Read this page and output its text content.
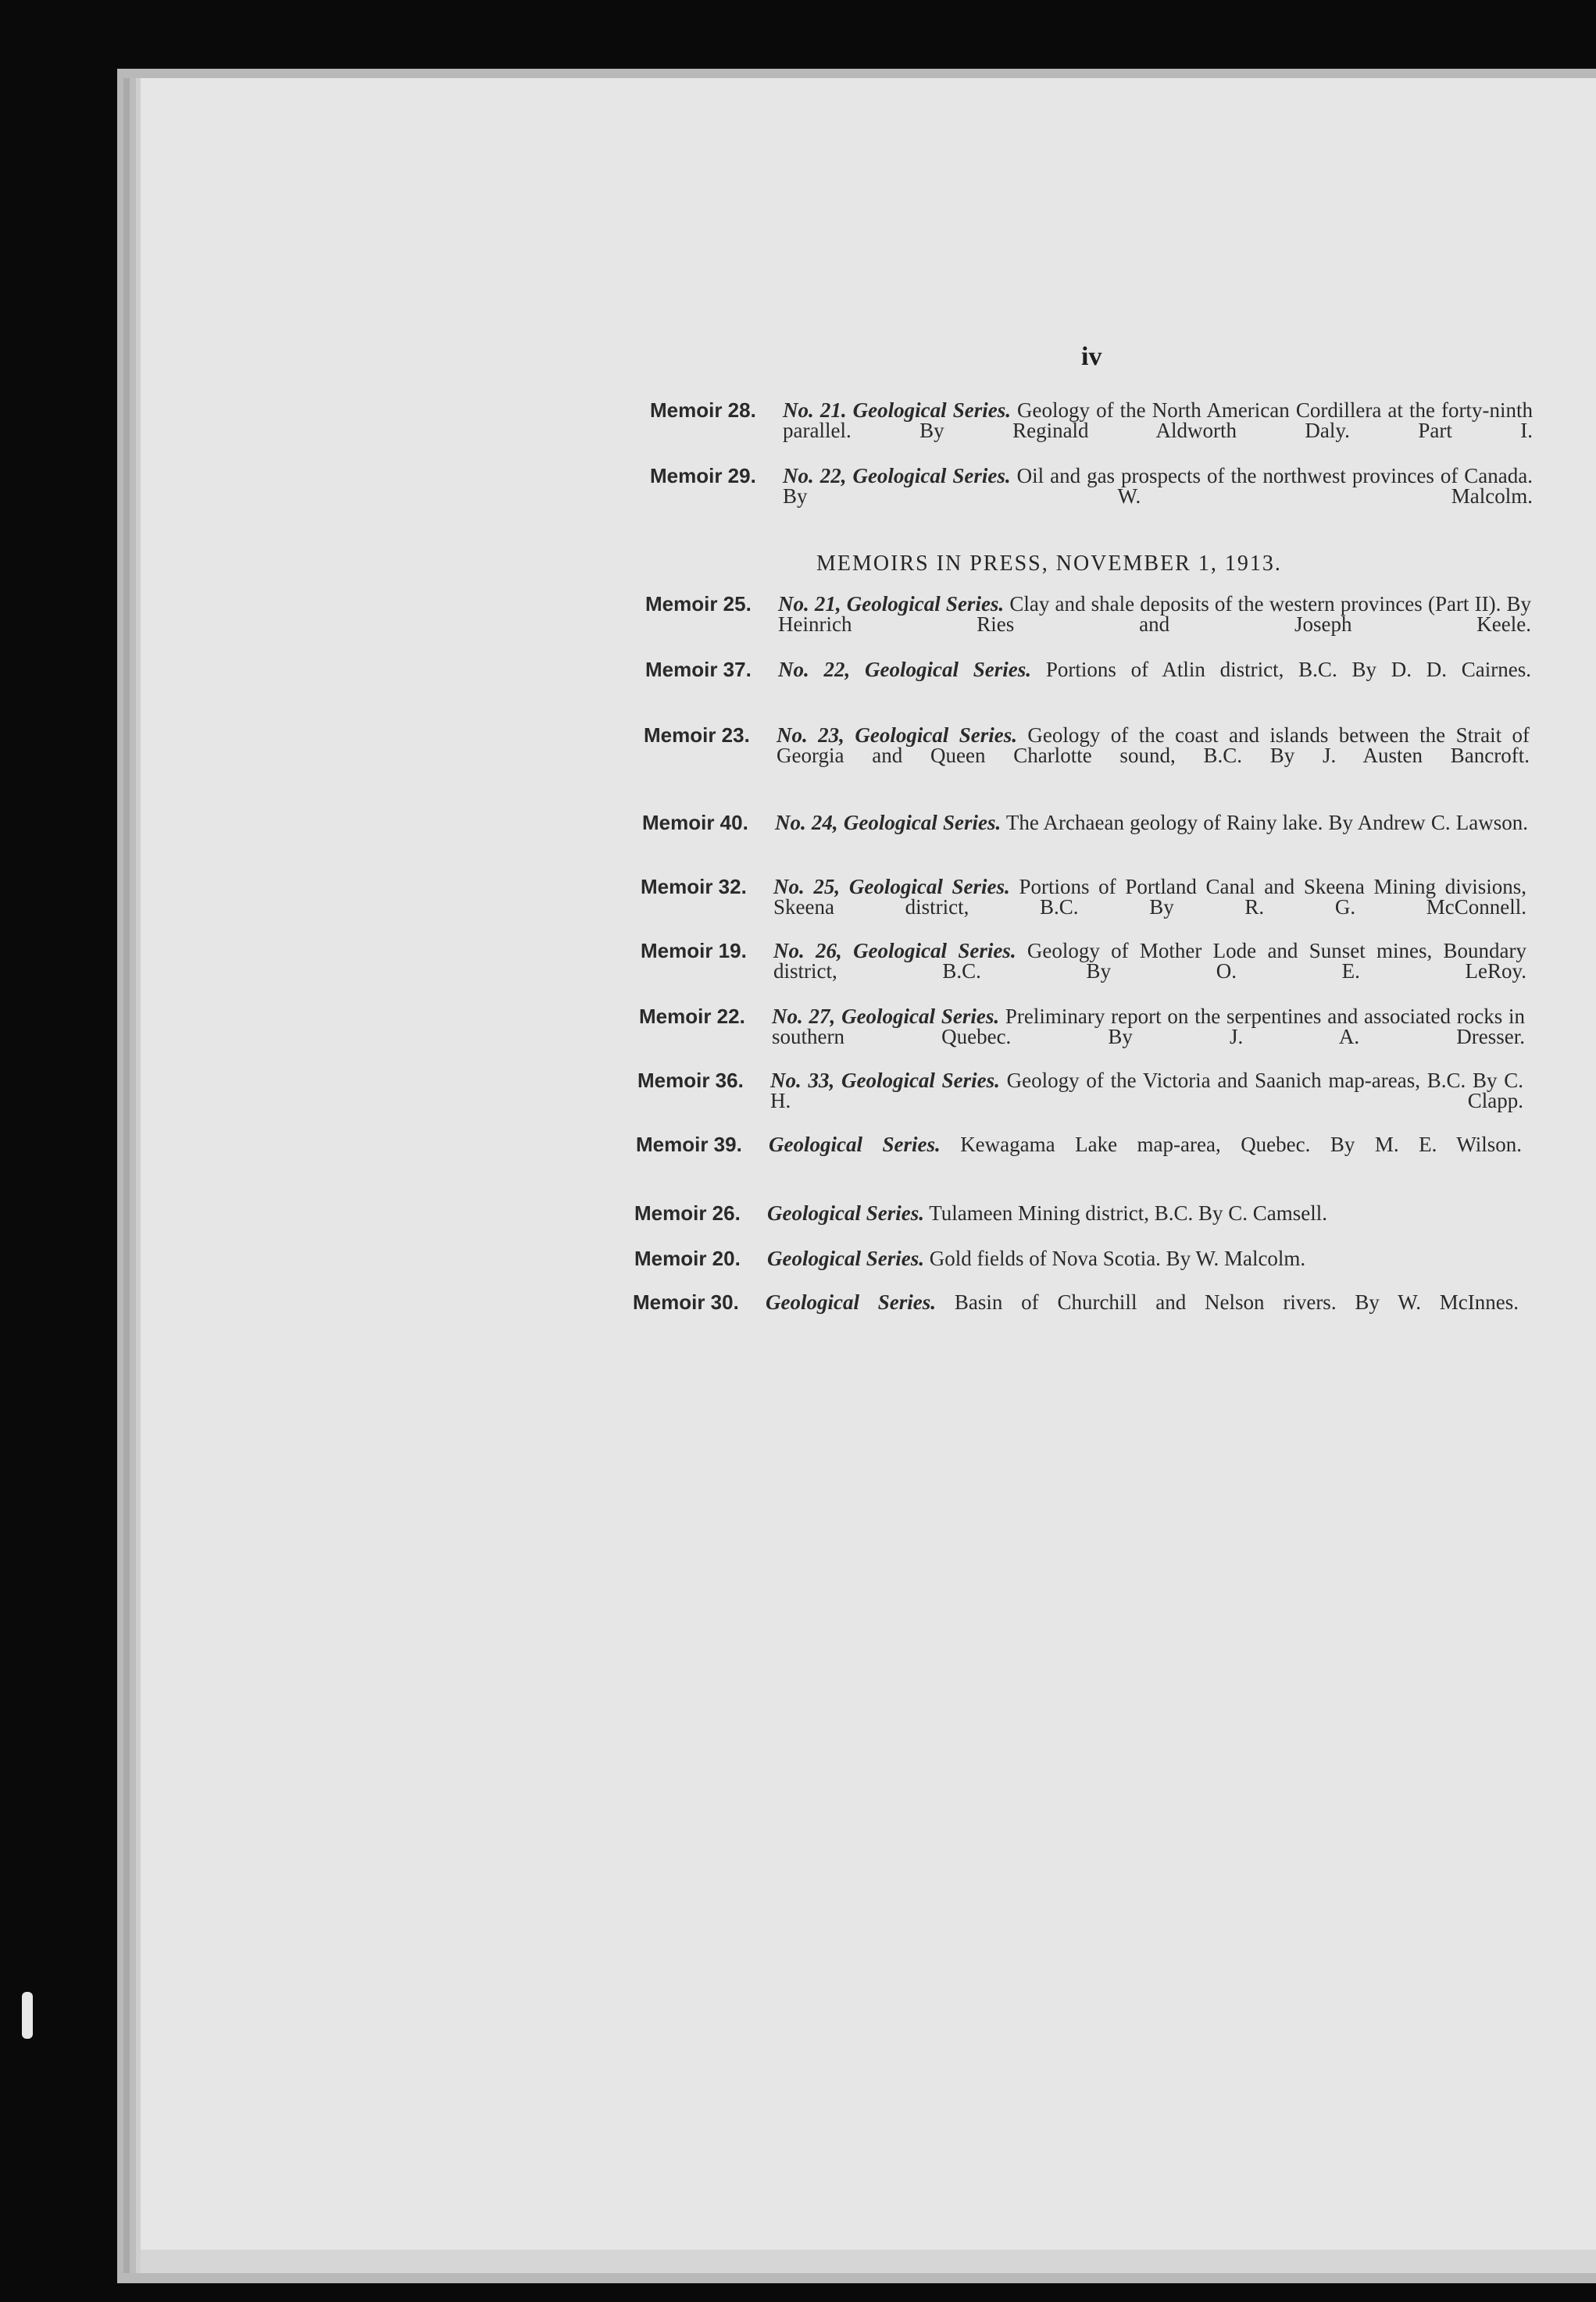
iv
Memoir 28. No. 21. Geological Series. Geology of the North American Cordillera at the forty-ninth parallel. By Reginald Aldworth Daly. Part I.
Memoir 29. No. 22, Geological Series. Oil and gas prospects of the northwest provinces of Canada. By W. Malcolm.
MEMOIRS IN PRESS, NOVEMBER 1, 1913.
Memoir 25. No. 21, Geological Series. Clay and shale deposits of the western provinces (Part II). By Heinrich Ries and Joseph Keele.
Memoir 37. No. 22, Geological Series. Portions of Atlin district, B.C. By D. D. Cairnes.
Memoir 23. No. 23, Geological Series. Geology of the coast and islands between the Strait of Georgia and Queen Charlotte sound, B.C. By J. Austen Bancroft.
Memoir 40. No. 24, Geological Series. The Archaean geology of Rainy lake. By Andrew C. Lawson.
Memoir 32. No. 25, Geological Series. Portions of Portland Canal and Skeena Mining divisions, Skeena district, B.C. By R. G. McConnell.
Memoir 19. No. 26, Geological Series. Geology of Mother Lode and Sunset mines, Boundary district, B.C. By O. E. LeRoy.
Memoir 22. No. 27, Geological Series. Preliminary report on the serpentines and associated rocks in southern Quebec. By J. A. Dresser.
Memoir 36. No. 33, Geological Series. Geology of the Victoria and Saanich map-areas, B.C. By C. H. Clapp.
Memoir 39. Geological Series. Kewagama Lake map-area, Quebec. By M. E. Wilson.
Memoir 26. Geological Series. Tulameen Mining district, B.C. By C. Camsell.
Memoir 20. Geological Series. Gold fields of Nova Scotia. By W. Malcolm.
Memoir 30. Geological Series. Basin of Churchill and Nelson rivers. By W. McInnes.
